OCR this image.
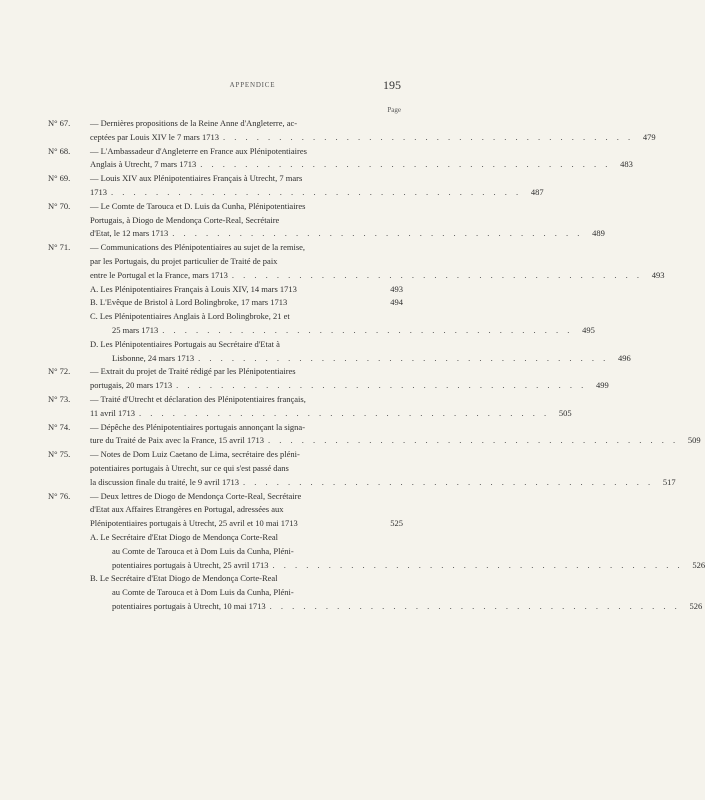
APPENDICE	195
Page
N° 67.	— Dernières propositions de la Reine Anne d'Angleterre, ac-
ceptées par Louis XIV le 7 mars 1713 . . . . . . . . . . . . . . . . . . . . . . . . . . . . . . . . . . . . .	479
N° 68.	— L'Ambassadeur d'Angleterre en France aux Plénipotentiaires
Anglais à Utrecht, 7 mars 1713 . . . . . . . . . . . . . . . . . . . . . . . . . . . . . . . . . . . . .	483
N° 69.	— Louis XIV aux Plénipotentiaires Français à Utrecht, 7 mars
1713 . . . . . . . . . . . . . . . . . . . . . . . . . . . . . . . . . . . . .	487
N° 70.	— Le Comte de Tarouca et D. Luis da Cunha, Plénipotentiaires
Portugais, à Diogo de Mendonça Corte-Real, Secrétaire
d'Etat, le 12 mars 1713 . . . . . . . . . . . . . . . . . . . . . . . . . . . . . . . . . . . . .	489
N° 71.	— Communications des Plénipotentiaires au sujet de la remise,
par les Portugais, du projet particulier de Traité de paix
entre le Portugal et la France, mars 1713 . . . . . . . . . . . . . . . . . . . . . . . . . . . . . . . . . . . . .	493
A. Les Plénipotentiaires Français à Louis XIV, 14 mars 1713	493
B. L'Evêque de Bristol à Lord Bolingbroke, 17 mars 1713	494
C. Les Plénipotentiaires Anglais à Lord Bolingbroke, 21 et
25 mars 1713 . . . . . . . . . . . . . . . . . . . . . . . . . . . . . . . . . . . . .	495
D. Les Plénipotentiaires Portugais au Secrétaire d'Etat à
Lisbonne, 24 mars 1713 . . . . . . . . . . . . . . . . . . . . . . . . . . . . . . . . . . . . .	496
N° 72.	— Extrait du projet de Traité rédigé par les Plénipotentiaires
portugais, 20 mars 1713 . . . . . . . . . . . . . . . . . . . . . . . . . . . . . . . . . . . . .	499
N° 73.	— Traité d'Utrecht et déclaration des Plénipotentiaires français,
11 avril 1713 . . . . . . . . . . . . . . . . . . . . . . . . . . . . . . . . . . . . .	505
N° 74.	— Dépêche des Plénipotentiaires portugais annonçant la signa-
ture du Traité de Paix avec la France, 15 avril 1713 . . . . . . . . . . . . . . . . . . . . . . . . . . . . . . . . . . . . .	509
N° 75.	— Notes de Dom Luiz Caetano de Lima, secrétaire des pléni-
potentiaires portugais à Utrecht, sur ce qui s'est passé dans
la discussion finale du traité, le 9 avril 1713 . . . . . . . . . . . . . . . . . . . . . . . . . . . . . . . . . . . . .	517
N° 76.	— Deux lettres de Diogo de Mendonça Corte-Real, Secrétaire
d'Etat aux Affaires Etrangères en Portugal, adressées aux
Plénipotentiaires portugais à Utrecht, 25 avril et 10 mai 1713	525
A. Le Secrétaire d'Etat Diogo de Mendonça Corte-Real
au Comte de Tarouca et à Dom Luis da Cunha, Pléni-
potentiaires portugais à Utrecht, 25 avril 1713 . . . . . . . . . . . . . . . . . . . . . . . . . . . . . . . . . . . . .	526
B. Le Secrétaire d'Etat Diogo de Mendonça Corte-Real
au Comte de Tarouca et à Dom Luis da Cunha, Pléni-
potentiaires portugais à Utrecht, 10 mai 1713 . . . . . . . . . . . . . . . . . . . . . . . . . . . . . . . . . . . . .	526
